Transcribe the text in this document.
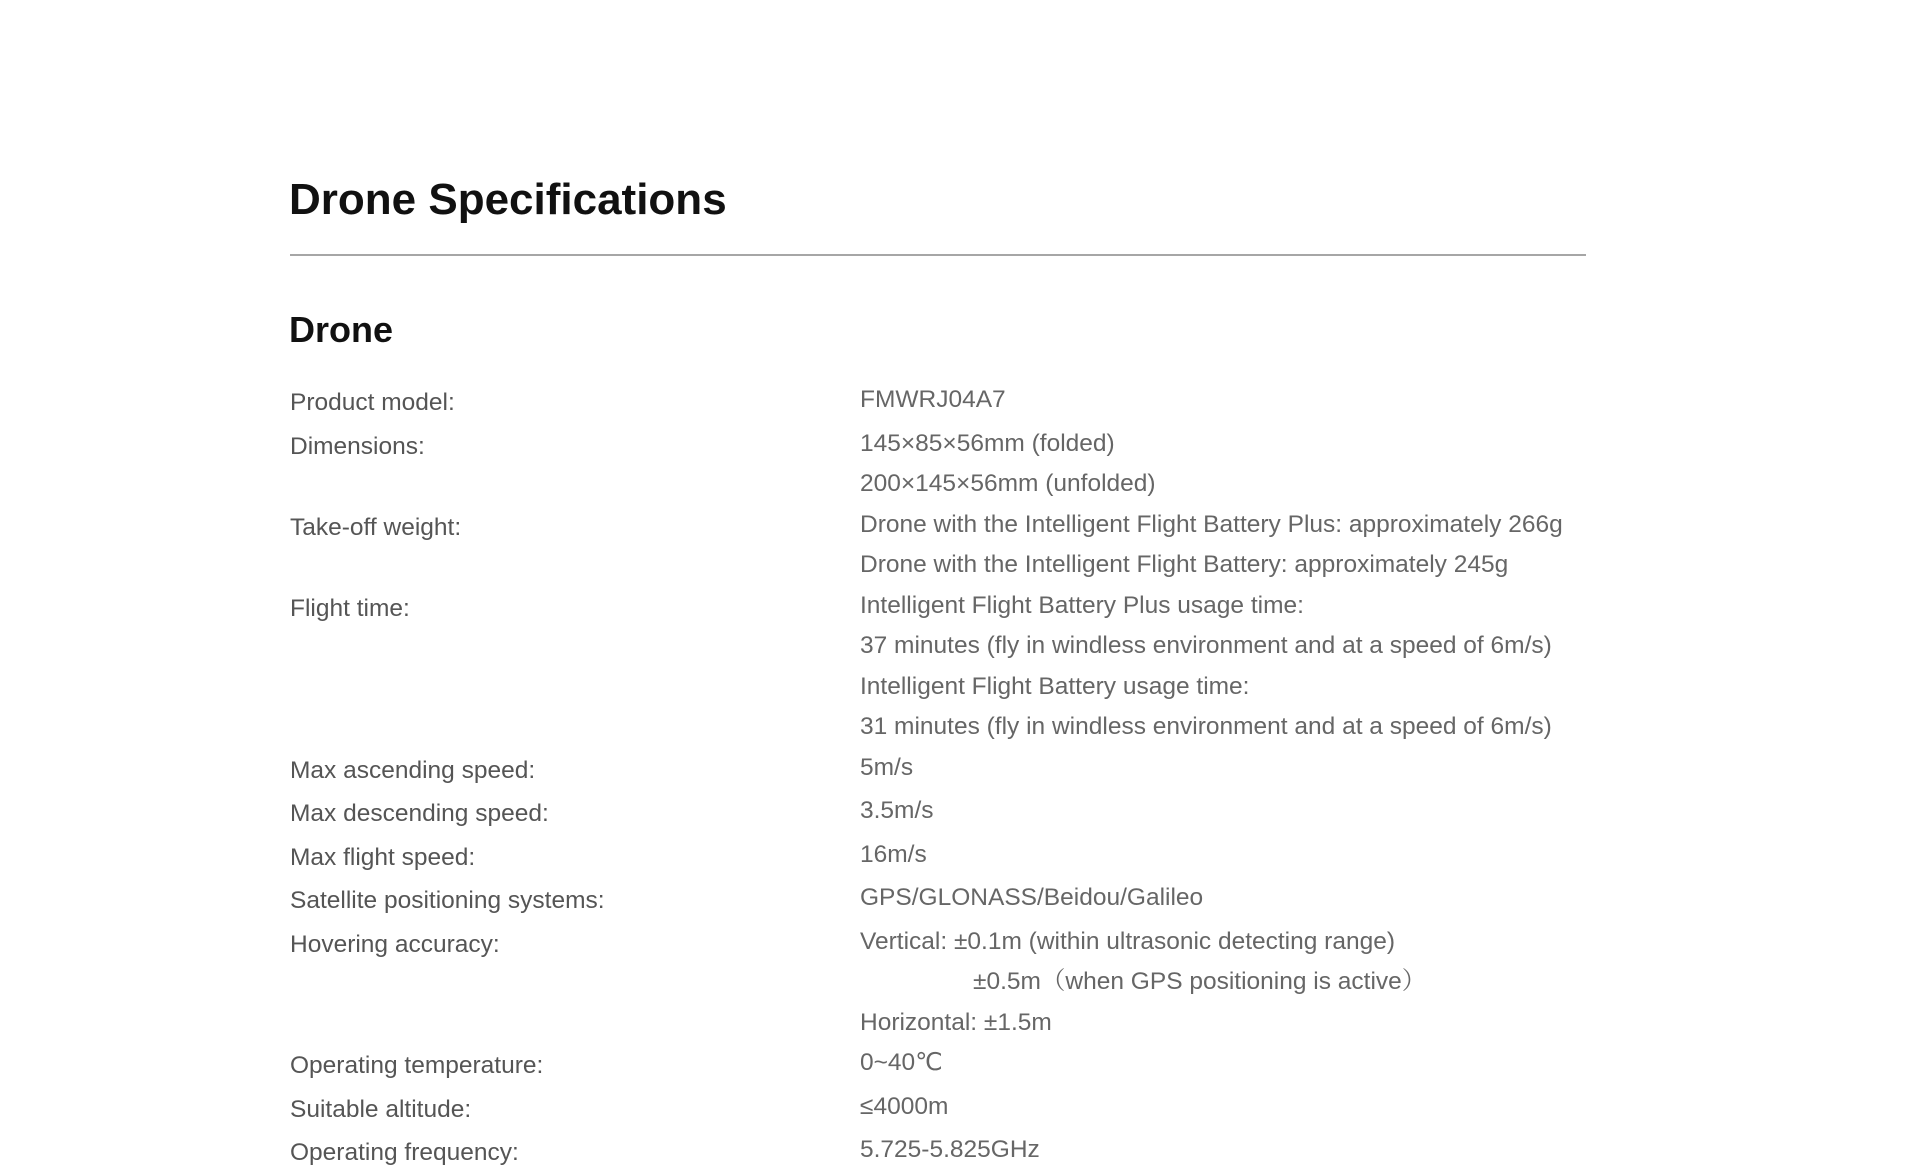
Drone Specifications
Drone
Product model:	FMWRJ04A7
Dimensions:	145×85×56mm (folded)
200×145×56mm (unfolded)
Take-off weight:	Drone with the Intelligent Flight Battery Plus: approximately 266g
Drone with the Intelligent Flight Battery: approximately 245g
Flight time:	Intelligent Flight Battery Plus usage time:
37 minutes (fly in windless environment and at a speed of 6m/s)
Intelligent Flight Battery usage time:
31 minutes (fly in windless environment and at a speed of 6m/s)
Max ascending speed:	5m/s
Max descending speed:	3.5m/s
Max flight speed:	16m/s
Satellite positioning systems:	GPS/GLONASS/Beidou/Galileo
Hovering accuracy:	Vertical: ±0.1m (within ultrasonic detecting range)
±0.5m（when GPS positioning is active）
Horizontal: ±1.5m
Operating temperature:	0~40℃
Suitable altitude:	≤4000m
Operating frequency:	5.725-5.825GHz
